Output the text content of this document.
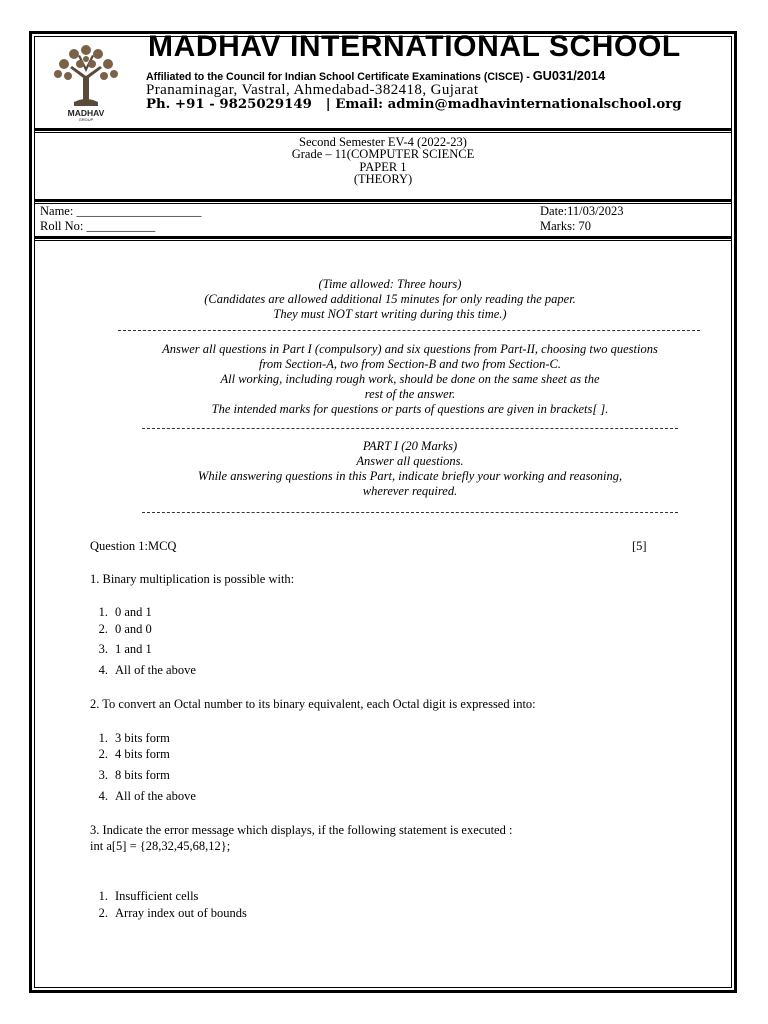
MADHAV
GROUP
MADHAV INTERNATIONAL SCHOOL
Affiliated to the Council for Indian School Certificate Examinations (CISCE) - GU031/2014
Pranaminagar, Vastral, Ahmedabad-382418, Gujarat
Ph. +91 - 9825029149   | Email: admin@madhavinternationalschool.org
Second Semester EV-4 (2022-23)
Grade – 11(COMPUTER SCIENCE
PAPER 1
(THEORY)
Name: ____________________
Roll No: ___________
Date:11/03/2023
Marks: 70
(Time allowed: Three hours)
(Candidates are allowed additional 15 minutes for only reading the paper.
They must NOT start writing during this time.)
Answer all questions in Part I (compulsory) and six questions from Part-II, choosing two questions
from Section-A, two from Section-B and two from Section-C.
All working, including rough work, should be done on the same sheet as the
rest of the answer.
The intended marks for questions or parts of questions are given in brackets[ ].
PART I (20 Marks)
Answer all questions.
While answering questions in this Part, indicate briefly your working and reasoning,
wherever required.
Question 1:MCQ	[5]
1. Binary multiplication is possible with:
1. 0 and 1
2. 0 and 0
3. 1 and 1
4. All of the above
2. To convert an Octal number to its binary equivalent, each Octal digit is expressed into:
1. 3 bits form
2. 4 bits form
3. 8 bits form
4. All of the above
3. Indicate the error message which displays, if the following statement is executed :
int a[5] = {28,32,45,68,12};
1. Insufficient cells
2. Array index out of bounds
